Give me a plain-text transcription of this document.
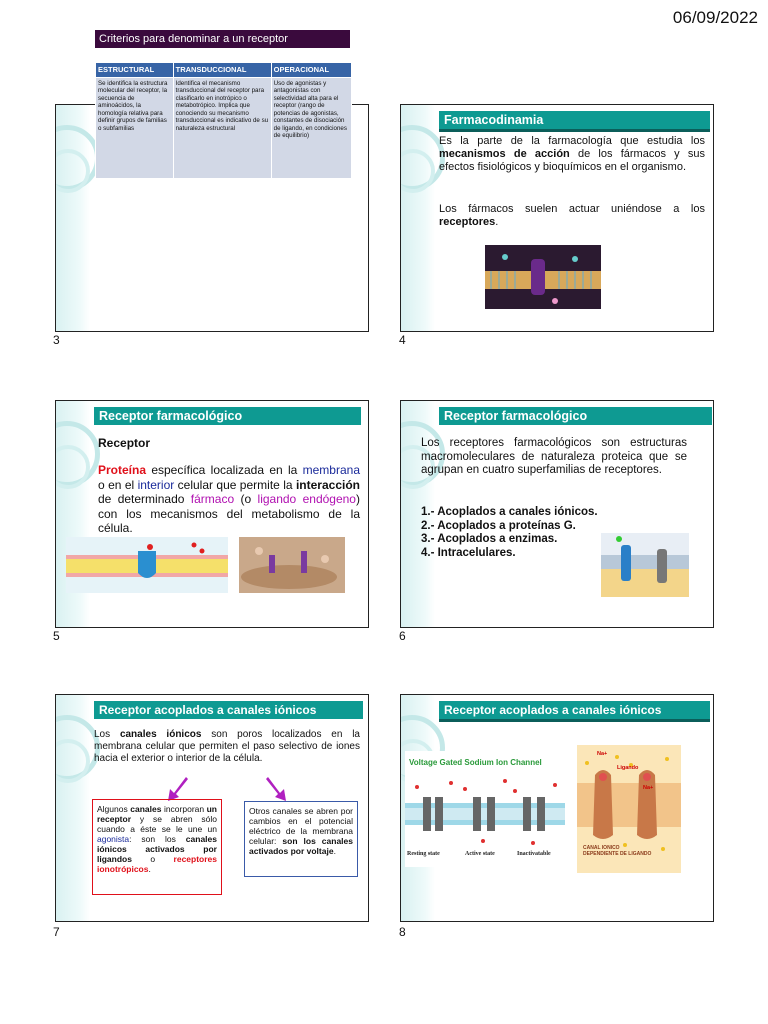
06/09/2022
Criterios para denominar a un receptor
ESTRUCTURAL	TRANSDUCCIONAL	OPERACIONAL
Se identifica la estructura molecular del receptor, la secuencia de aminoácidos, la homología relativa para definir grupos de familias o subfamilias	Identifica el mecanismo transduccional del receptor para clasificarlo en inotrópico o metabotrópico. Implica que conociendo su mecanismo transduccional es indicativo de su naturaleza estructural	Uso de agonistas y antagonistas con selectividad alta para el receptor (rango de potencias de agonistas, constantes de disociación de ligando, en condiciones de equilibrio)
3
Farmacodinamia
Es la parte de la farmacología que estudia los mecanismos de acción de los fármacos y sus efectos fisiológicos y bioquímicos en el organismo.
Los fármacos suelen actuar uniéndose a los receptores.
4
Receptor farmacológico
Receptor
Proteína específica localizada en la membrana o en el interior celular que permite la interacción de determinado fármaco (o ligando endógeno) con los mecanismos del metabolismo de la célula.
5
Receptor farmacológico
Los receptores farmacológicos son estructuras macromoleculares de naturaleza proteica que se agrupan en cuatro superfamilias de receptores.
1.- Acoplados a canales iónicos.
2.- Acoplados a proteínas G.
3.- Acoplados a enzimas.
4.- Intracelulares.
6
Receptor acoplados a canales iónicos
Los canales iónicos son poros localizados en la membrana celular que permiten el paso selectivo de iones hacia el exterior o interior de la célula.
Algunos canales incorporan un receptor y se abren sólo cuando a éste se le une un agonista: son los canales iónicos activados por ligandos o receptores ionotrópicos.
Otros canales se abren por cambios en el potencial eléctrico de la membrana celular: son los canales activados por voltaje.
7
Receptor acoplados a canales iónicos
Voltage Gated Sodium Ion Channel
Resting state	Active state	Inactivatable
Na+
Ligando
Na+
CANAL IÓNICO DEPENDIENTE DE LIGANDO
8
